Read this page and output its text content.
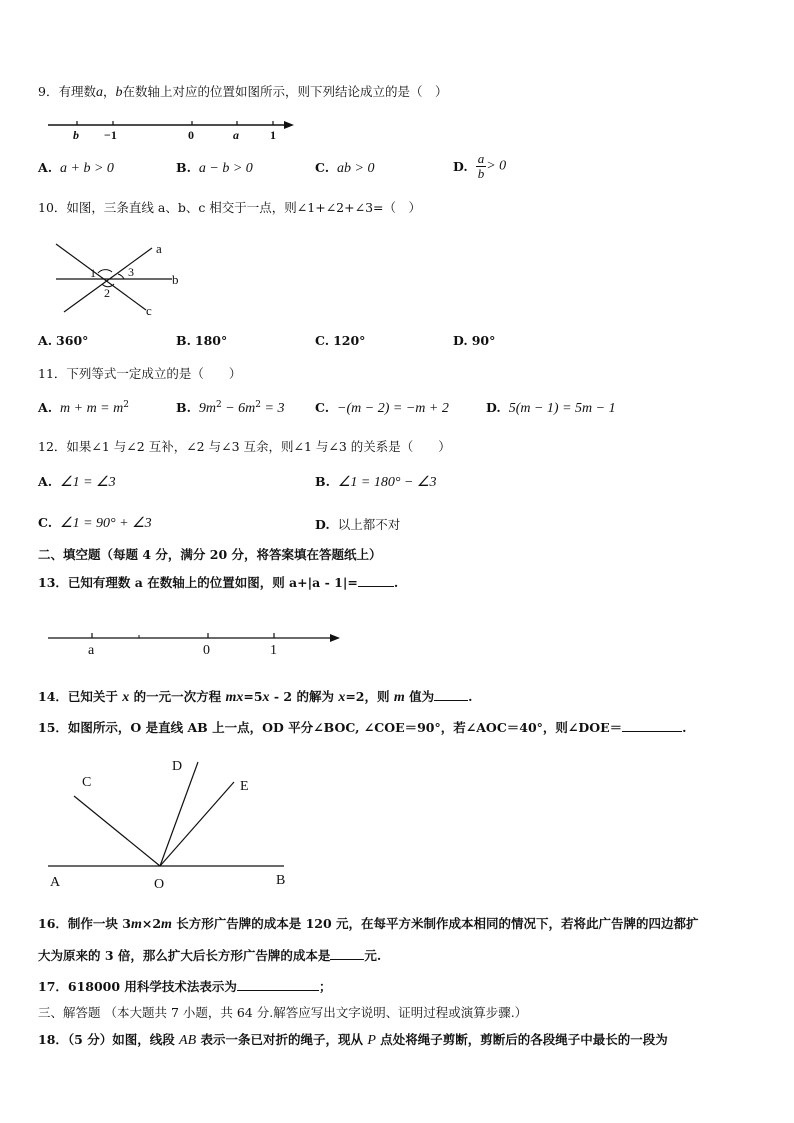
9．有理数a，b在数轴上对应的位置如图所示，则下列结论成立的是（　）
b −1	0	a	1
A. a + b > 0	B. a − b > 0	C. ab > 0	D. $\frac{a}{b} > 0$
10．如图，三条直线 a、b、c 相交于一点，则∠1+∠2+∠3=（　）
a
b
c
1
2
3
A. 360°	B. 180°	C. 120°	D. 90°
11．下列等式一定成立的是（　　）
A. $m + m = m^2$	B. $9m^2 - 6m^2 = 3$ C. −(m − 2) = −m + 2	D. 5(m − 1) = 5m − 1
12．如果∠1 与∠2 互补，∠2 与∠3 互余，则∠1 与∠3 的关系是（　　）
A. ∠1 = ∠3	B. ∠1 = 180° − ∠3
C. ∠1 = 90° + ∠3	D. 以上都不对
二、填空题（每题 4 分，满分 20 分，将答案填在答题纸上）
13．已知有理数 a 在数轴上的位置如图，则 a+|a - 1|=	.
a	0	1
14．已知关于 x 的一元一次方程 mx=5x - 2 的解为 x=2，则 m 值为	.
15．如图所示，O 是直线 AB 上一点，OD 平分∠BOC, ∠COE＝90°，若∠AOC＝40°，则∠DOE＝	.
C
D
E
A	O	B
16．制作一块 3m×2m 长方形广告牌的成本是 120 元，在每平方米制作成本相同的情况下，若将此广告牌的四边都扩
大为原来的 3 倍，那么扩大后长方形广告牌的成本是	元.
17．618000 用科学技术法表示为	；
三、解答题 （本大题共 7 小题，共 64 分.解答应写出文字说明、证明过程或演算步骤.）
18．（5 分）如图，线段 AB 表示一条已对折的绳子，现从 P 点处将绳子剪断，剪断后的各段绳子中最长的一段为
